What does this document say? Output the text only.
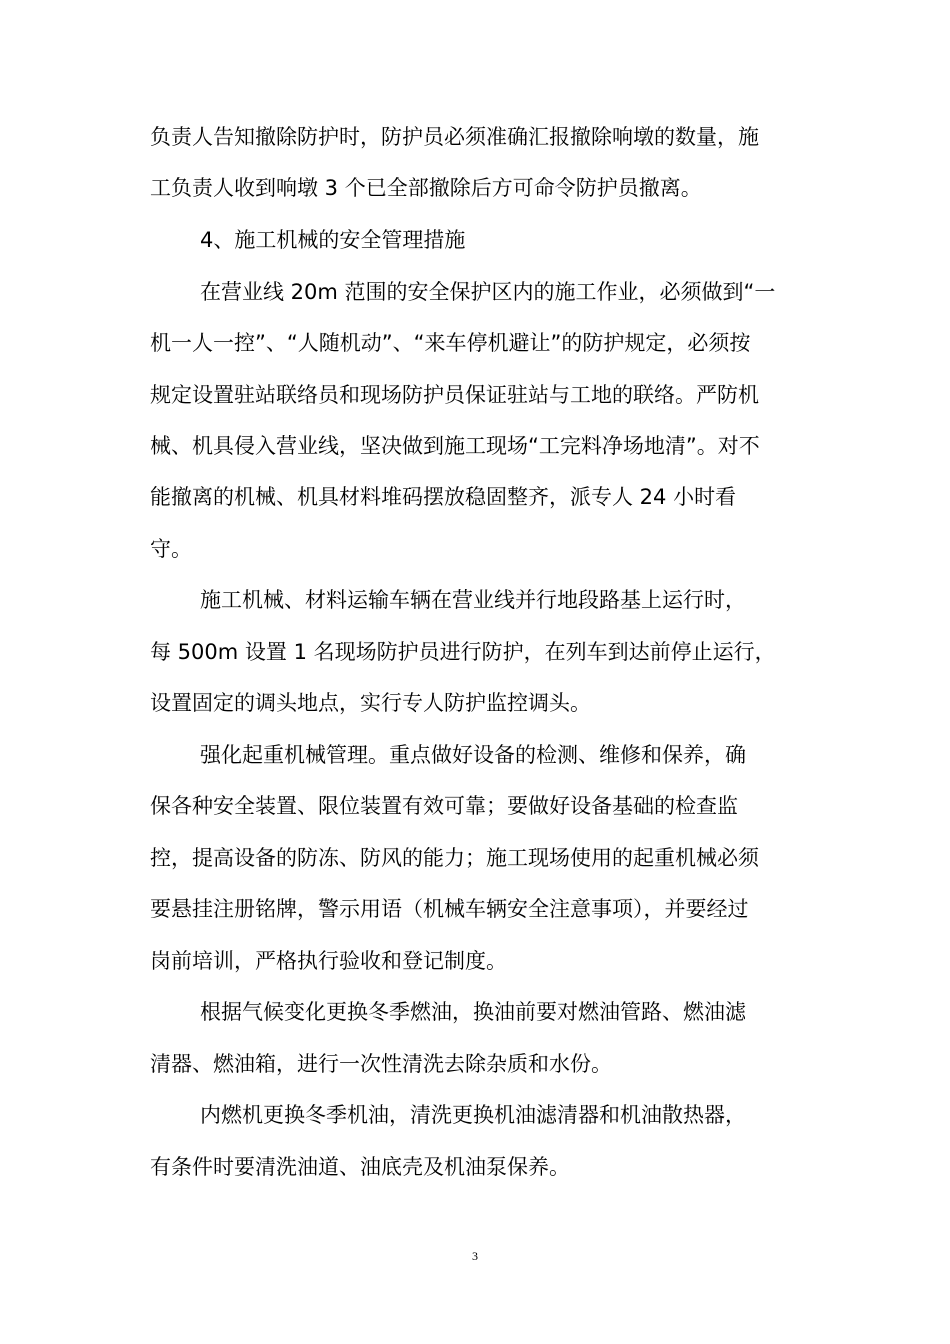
负责人告知撤除防护时，防护员必须准确汇报撤除响墩的数量，施
工负责人收到响墩 3 个已全部撤除后方可命令防护员撤离。
4、施工机械的安全管理措施
在营业线 20m 范围的安全保护区内的施工作业，必须做到“一
机一人一控”、“人随机动”、“来车停机避让”的防护规定，必须按
规定设置驻站联络员和现场防护员保证驻站与工地的联络。严防机
械、机具侵入营业线，坚决做到施工现场“工完料净场地清”。对不
能撤离的机械、机具材料堆码摆放稳固整齐，派专人 24 小时看
守。
施工机械、材料运输车辆在营业线并行地段路基上运行时，
每 500m 设置 1 名现场防护员进行防护，在列车到达前停止运行，
设置固定的调头地点，实行专人防护监控调头。
强化起重机械管理。重点做好设备的检测、维修和保养，确
保各种安全装置、限位装置有效可靠；要做好设备基础的检查监
控，提高设备的防冻、防风的能力；施工现场使用的起重机械必须
要悬挂注册铭牌，警示用语（机械车辆安全注意事项），并要经过
岗前培训，严格执行验收和登记制度。
根据气候变化更换冬季燃油，换油前要对燃油管路、燃油滤
清器、燃油箱，进行一次性清洗去除杂质和水份。
内燃机更换冬季机油，清洗更换机油滤清器和机油散热器，
有条件时要清洗油道、油底壳及机油泵保养。
3
